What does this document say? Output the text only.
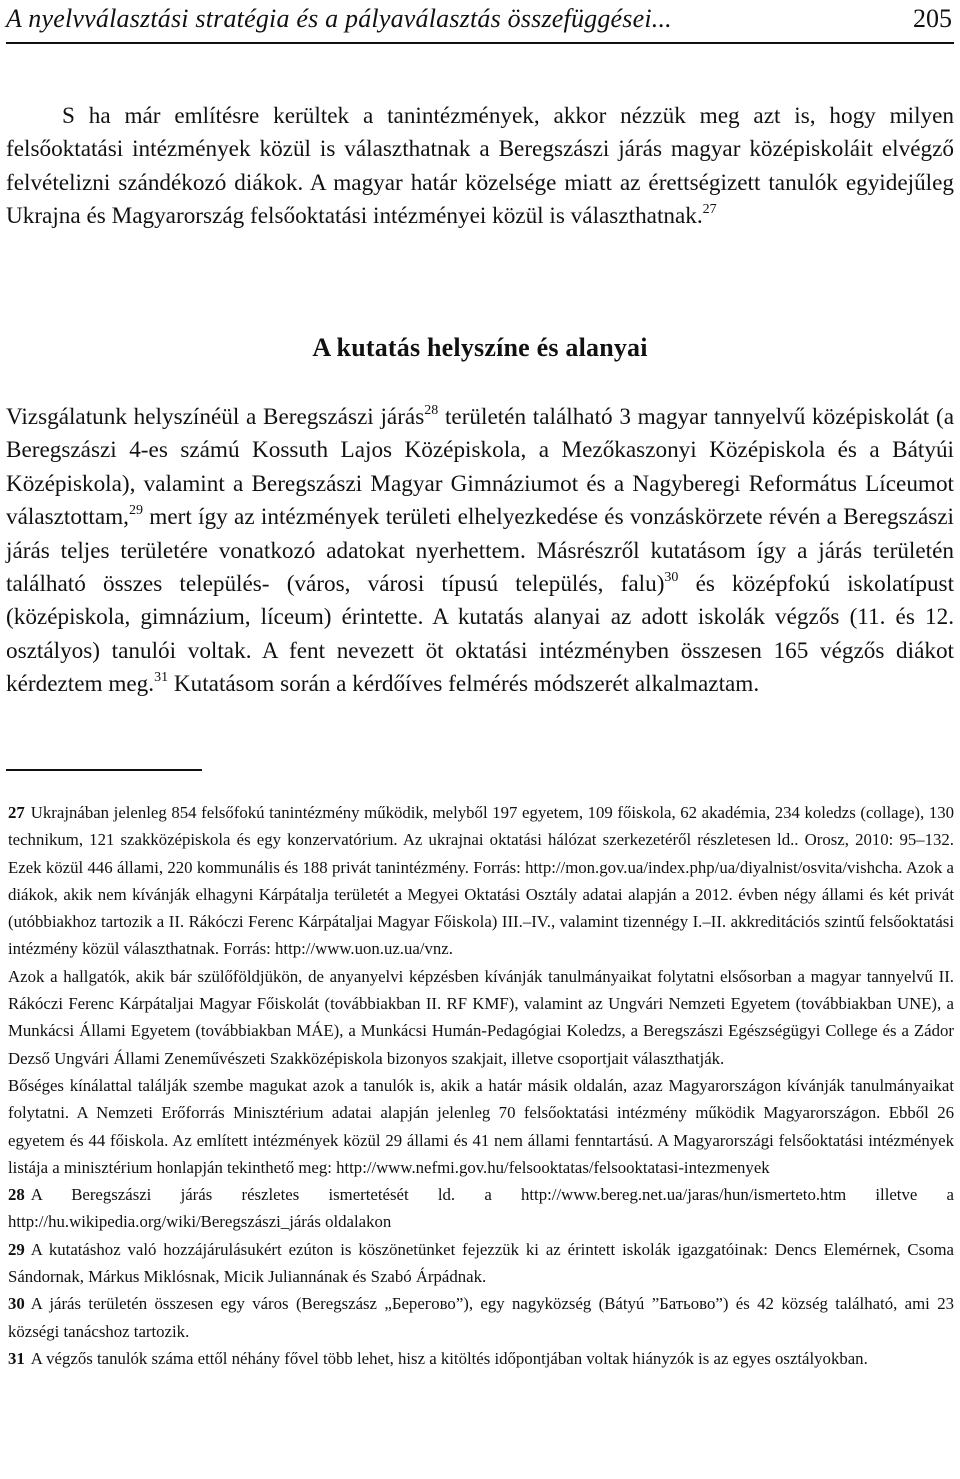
A nyelvválasztási stratégia és a pályaválasztás összefüggései...	205

S ha már említésre kerültek a tanintézmények, akkor nézzük meg azt is, hogy milyen felsőoktatási intézmények közül is választhatnak a Beregszászi járás magyar középiskoláit elvégző felvételizni szándékozó diákok. A magyar határ közelsége miatt az érettségizett tanulók egyidejűleg Ukrajna és Magyarország felsőoktatási intézményei közül is választhatnak.$^{27}$

A kutatás helyszíne és alanyai

Vizsgálatunk helyszínéül a Beregszászi járás$^{28}$ területén található 3 magyar tannyelvű középiskolát (a Beregszászi 4-es számú Kossuth Lajos Középiskola, a Mezőkaszonyi Középiskola és a Bátyúi Középiskola), valamint a Beregszászi Magyar Gimnáziumot és a Nagyberegi Református Líceumot választottam,$^{29}$ mert így az intézmények területi elhelyezkedése és vonzáskörzete révén a Beregszászi járás teljes területére vonatkozó adatokat nyerhettem. Másrészről kutatásom így a járás területén található összes település- (város, városi típusú település, falu)$^{30}$ és középfokú iskolatípust (középiskola, gimnázium, líceum) érintette. A kutatás alanyai az adott iskolák végzős (11. és 12. osztályos) tanulói voltak. A fent nevezett öt oktatási intézményben összesen 165 végzős diákot kérdeztem meg.$^{31}$ Kutatásom során a kérdőíves felmérés módszerét alkalmaztam.

27 Ukrajnában jelenleg 854 felsőfokú tanintézmény működik, melyből 197 egyetem, 109 főiskola, 62 akadémia, 234 koledzs (collage), 130 technikum, 121 szakközépiskola és egy konzervatórium. Az ukrajnai oktatási hálózat szerkezetéről részletesen ld.. Orosz, 2010: 95–132. Ezek közül 446 állami, 220 kommunális és 188 privát tanintézmény. Forrás: http://mon.gov.ua/index.php/ua/diyalnist/osvita/vishcha. Azok a diákok, akik nem kívánják elhagyni Kárpátalja területét a Megyei Oktatási Osztály adatai alapján a 2012. évben négy állami és két privát (utóbbiakhoz tartozik a II. Rákóczi Ferenc Kárpátaljai Magyar Főiskola) III.–IV., valamint tizennégy I.–II. akkreditációs szintű felsőoktatási intézmény közül választhatnak. Forrás: http://www.uon.uz.ua/vnz.

Azok a hallgatók, akik bár szülőföldjükön, de anyanyelvi képzésben kívánják tanulmányaikat folytatni elsősorban a magyar tannyelvű II. Rákóczi Ferenc Kárpátaljai Magyar Főiskolát (továbbiakban II. RF KMF), valamint az Ungvári Nemzeti Egyetem (továbbiakban UNE), a Munkácsi Állami Egyetem (továbbiakban MÁE), a Munkácsi Humán-Pedagógiai Koledzs, a Beregszászi Egészségügyi College és a Zádor Dezső Ungvári Állami Zeneművészeti Szakközépiskola bizonyos szakjait, illetve csoportjait választhatják.

Bőséges kínálattal találják szembe magukat azok a tanulók is, akik a határ másik oldalán, azaz Magyarországon kívánják tanulmányaikat folytatni. A Nemzeti Erőforrás Minisztérium adatai alapján jelenleg 70 felsőoktatási intézmény működik Magyarországon. Ebből 26 egyetem és 44 főiskola. Az említett intézmények közül 29 állami és 41 nem állami fenntartású. A Magyarországi felsőoktatási intézmények listája a minisztérium honlapján tekinthető meg: http://www.nefmi.gov.hu/felsooktatas/felsooktatasi-intezmenyek

28 A Beregszászi járás részletes ismertetését ld. a http://www.bereg.net.ua/jaras/hun/ismerteto.htm illetve a http://hu.wikipedia.org/wiki/Beregszászi_járás oldalakon

29 A kutatáshoz való hozzájárulásukért ezúton is köszönetünket fejezzük ki az érintett iskolák igazgatóinak: Dencs Elemérnek, Csoma Sándornak, Márkus Miklósnak, Micik Juliannának és Szabó Árpádnak.

30 A járás területén összesen egy város (Beregszász „Берегово”), egy nagyközség (Bátyú ”Батьово”) és 42 község található, ami 23 községi tanácshoz tartozik.

31 A végzős tanulók száma ettől néhány fővel több lehet, hisz a kitöltés időpontjában voltak hiányzók is az egyes osztályokban.
